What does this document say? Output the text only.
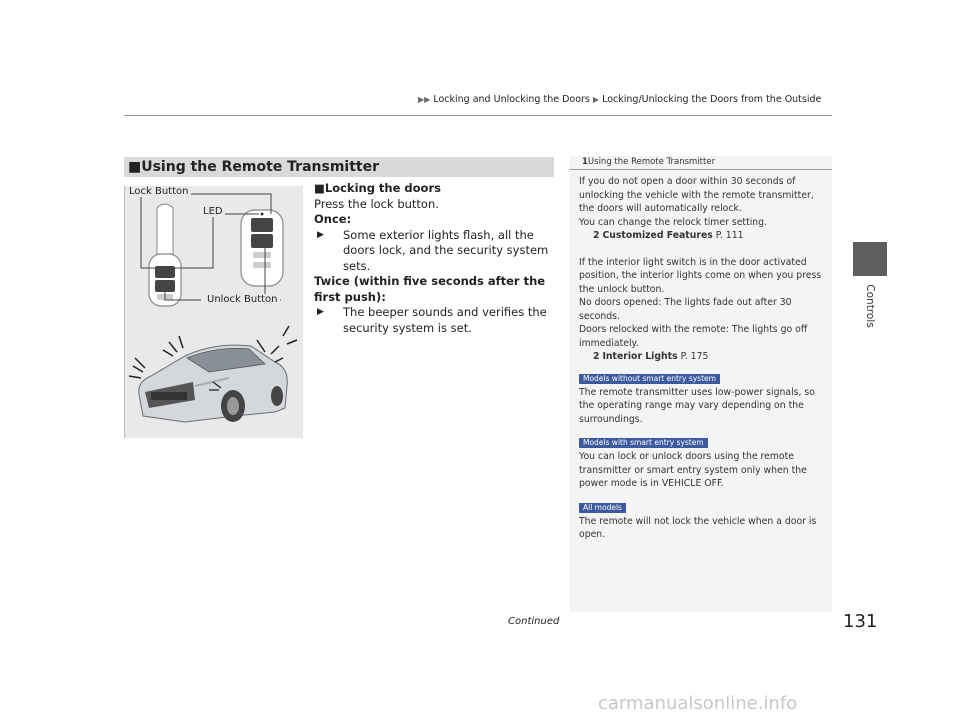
▶▶ Locking and Unlocking the Doors ▶ Locking/Unlocking the Doors from the Outside
Controls
■Using the Remote Transmitter
Lock Button
LED
Unlock Button
■Locking the doors
Press the lock button.
Once:
▶	Some exterior lights flash, all the doors lock, and the security system sets.
Twice (within five seconds after the first push):
▶	The beeper sounds and verifies the security system is set.
1Using the Remote Transmitter

If you do not open a door within 30 seconds of unlocking the vehicle with the remote transmitter, the doors will automatically relock.

You can change the relock timer setting.

2 Customized Features P. 111

If the interior light switch is in the door activated position, the interior lights come on when you press the unlock button.

No doors opened: The lights fade out after 30 seconds.

Doors relocked with the remote: The lights go off immediately.

2 Interior Lights P. 175

Models without smart entry system

The remote transmitter uses low-power signals, so the operating range may vary depending on the surroundings.

Models with smart entry system

You can lock or unlock doors using the remote transmitter or smart entry system only when the power mode is in VEHICLE OFF.

All models

The remote will not lock the vehicle when a door is open.

Continued	131
carmanualsonline.info
